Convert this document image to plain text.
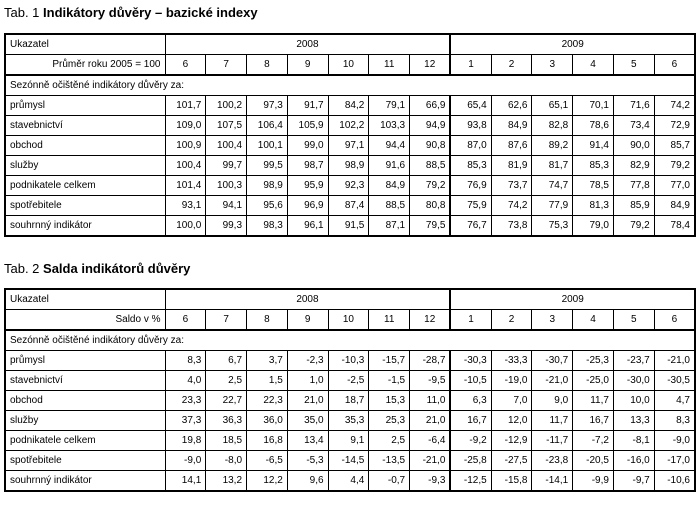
Tab. 1 Indikátory důvěry – bazické indexy
Ukazatel	2008							2009					
Průměr roku 2005 = 100	6	7	8	9	10	11	12	1	2	3	4	5	6
Sezónně očištěné indikátory důvěry za:													
průmysl	101,7	100,2	97,3	91,7	84,2	79,1	66,9	65,4	62,6	65,1	70,1	71,6	74,2
stavebnictví	109,0	107,5	106,4	105,9	102,2	103,3	94,9	93,8	84,9	82,8	78,6	73,4	72,9
obchod	100,9	100,4	100,1	99,0	97,1	94,4	90,8	87,0	87,6	89,2	91,4	90,0	85,7
služby	100,4	99,7	99,5	98,7	98,9	91,6	88,5	85,3	81,9	81,7	85,3	82,9	79,2
podnikatele celkem	101,4	100,3	98,9	95,9	92,3	84,9	79,2	76,9	73,7	74,7	78,5	77,8	77,0
spotřebitele	93,1	94,1	95,6	96,9	87,4	88,5	80,8	75,9	74,2	77,9	81,3	85,9	84,9
souhrnný indikátor	100,0	99,3	98,3	96,1	91,5	87,1	79,5	76,7	73,8	75,3	79,0	79,2	78,4
Tab. 2 Salda indikátorů důvěry
Ukazatel	2008							2009					
Saldo v %	6	7	8	9	10	11	12	1	2	3	4	5	6
Sezónně očištěné indikátory důvěry za:													
průmysl	8,3	6,7	3,7	-2,3	-10,3	-15,7	-28,7	-30,3	-33,3	-30,7	-25,3	-23,7	-21,0
stavebnictví	4,0	2,5	1,5	1,0	-2,5	-1,5	-9,5	-10,5	-19,0	-21,0	-25,0	-30,0	-30,5
obchod	23,3	22,7	22,3	21,0	18,7	15,3	11,0	6,3	7,0	9,0	11,7	10,0	4,7
služby	37,3	36,3	36,0	35,0	35,3	25,3	21,0	16,7	12,0	11,7	16,7	13,3	8,3
podnikatele celkem	19,8	18,5	16,8	13,4	9,1	2,5	-6,4	-9,2	-12,9	-11,7	-7,2	-8,1	-9,0
spotřebitele	-9,0	-8,0	-6,5	-5,3	-14,5	-13,5	-21,0	-25,8	-27,5	-23,8	-20,5	-16,0	-17,0
souhrnný indikátor	14,1	13,2	12,2	9,6	4,4	-0,7	-9,3	-12,5	-15,8	-14,1	-9,9	-9,7	-10,6
